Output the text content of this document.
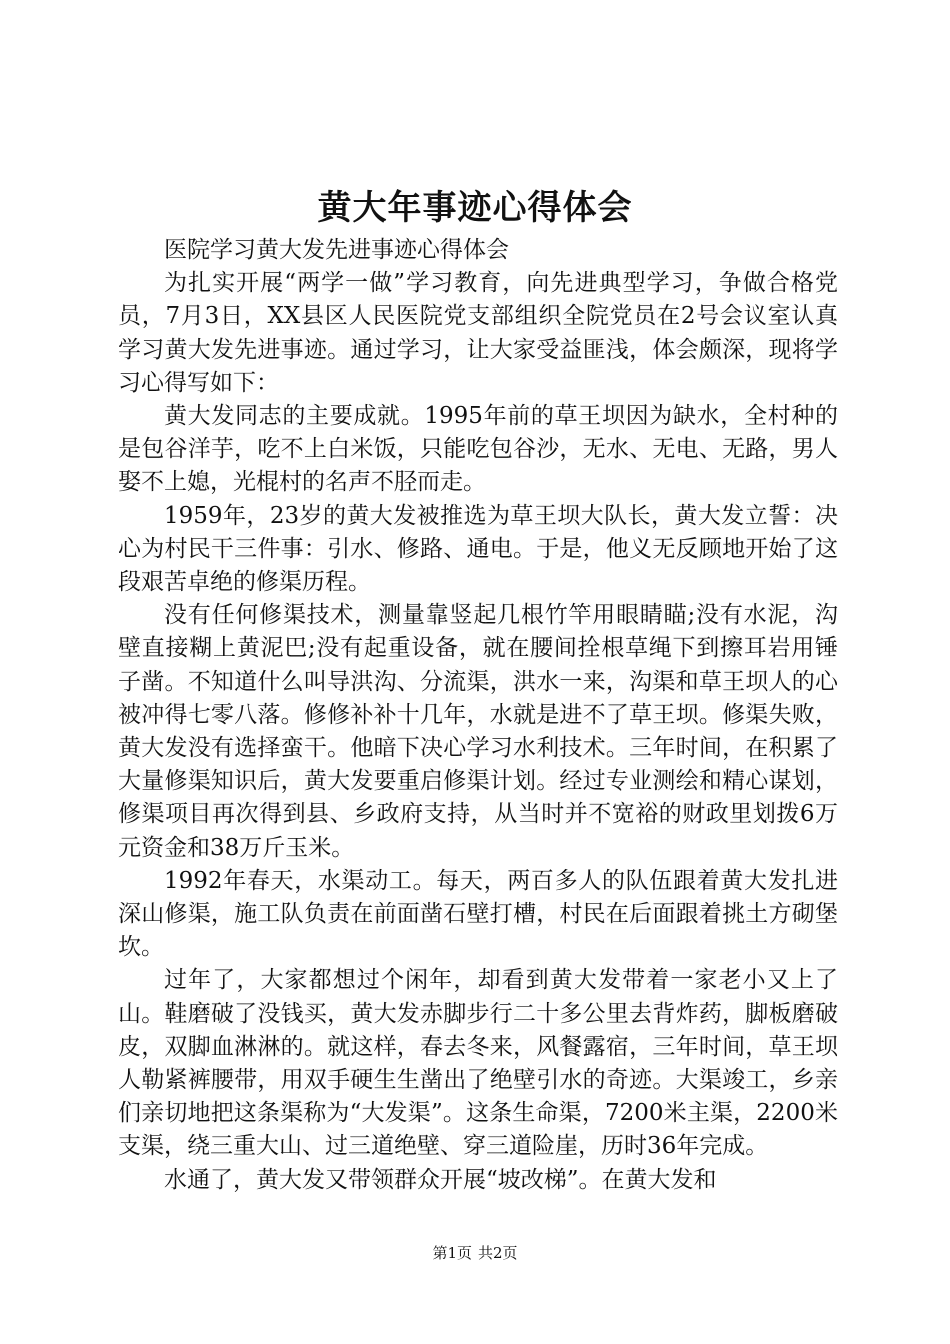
黄大年事迹心得体会

医院学习黄大发先进事迹心得体会

为扎实开展“两学一做”学习教育，向先进典型学习，争做合格党员，7月3日，XX县区人民医院党支部组织全院党员在2号会议室认真学习黄大发先进事迹。通过学习，让大家受益匪浅，体会颇深，现将学习心得写如下：

黄大发同志的主要成就。1995年前的草王坝因为缺水，全村种的是包谷洋芋，吃不上白米饭，只能吃包谷沙，无水、无电、无路，男人娶不上媳，光棍村的名声不胫而走。

1959年，23岁的黄大发被推选为草王坝大队长，黄大发立誓：决心为村民干三件事：引水、修路、通电。于是，他义无反顾地开始了这段艰苦卓绝的修渠历程。

没有任何修渠技术，测量靠竖起几根竹竿用眼睛瞄;没有水泥，沟壁直接糊上黄泥巴;没有起重设备，就在腰间拴根草绳下到擦耳岩用锤子凿。不知道什么叫导洪沟、分流渠，洪水一来，沟渠和草王坝人的心被冲得七零八落。修修补补十几年，水就是进不了草王坝。修渠失败，黄大发没有选择蛮干。他暗下决心学习水利技术。三年时间，在积累了大量修渠知识后，黄大发要重启修渠计划。经过专业测绘和精心谋划，修渠项目再次得到县、乡政府支持，从当时并不宽裕的财政里划拨6万元资金和38万斤玉米。

1992年春天，水渠动工。每天，两百多人的队伍跟着黄大发扎进深山修渠，施工队负责在前面凿石壁打槽，村民在后面跟着挑土方砌堡坎。

过年了，大家都想过个闲年，却看到黄大发带着一家老小又上了山。鞋磨破了没钱买，黄大发赤脚步行二十多公里去背炸药，脚板磨破皮，双脚血淋淋的。就这样，春去冬来，风餐露宿，三年时间，草王坝人勒紧裤腰带，用双手硬生生凿出了绝壁引水的奇迹。大渠竣工，乡亲们亲切地把这条渠称为“大发渠”。这条生命渠，7200米主渠，2200米支渠，绕三重大山、过三道绝壁、穿三道险崖，历时36年完成。

水通了，黄大发又带领群众开展“坡改梯”。在黄大发和

第1页 共2页
